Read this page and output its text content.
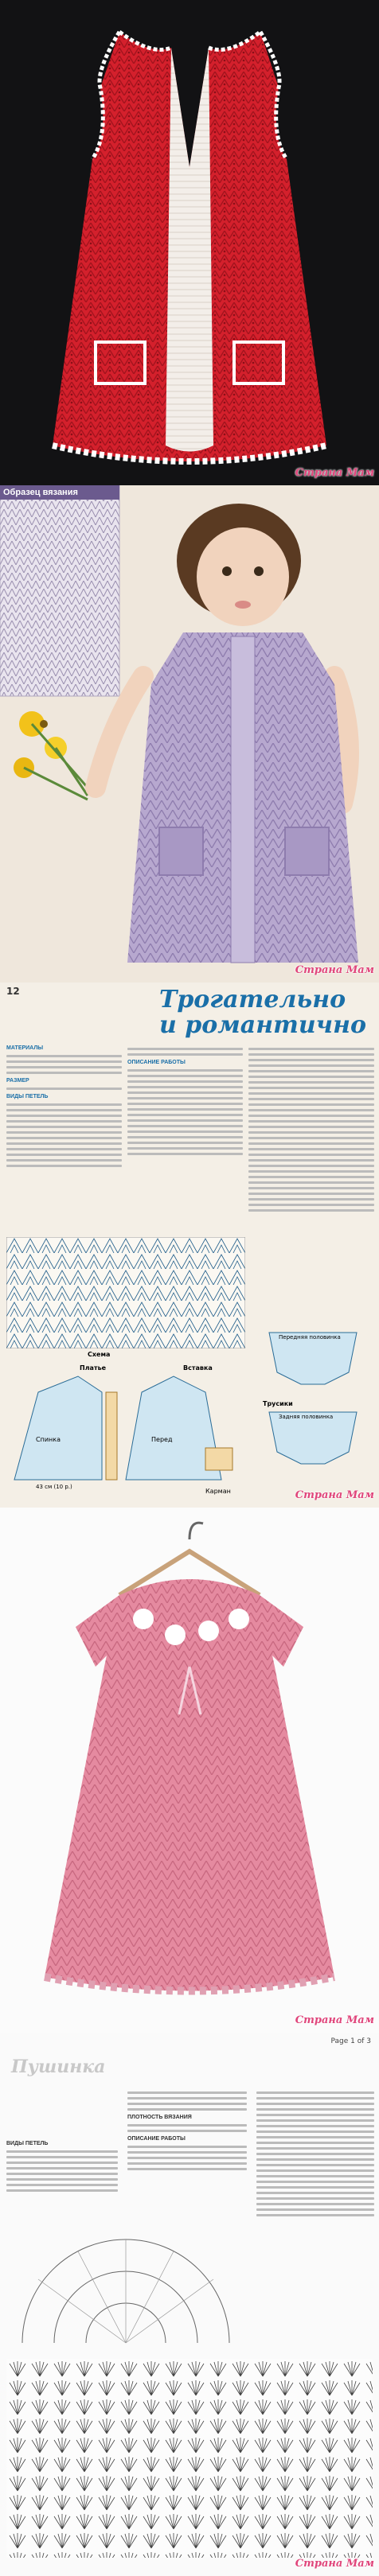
Страна Мам
Образец вязания
Страна Мам
12	Трогательно
и романтично
МАТЕРИАЛЫ
РАЗМЕР
ВИДЫ ПЕТЕЛЬ
ОПИСАНИЕ РАБОТЫ
Схема
Платье	Вставка
Спинка	Перед
Карман
43 см (10 р.)
Трусики
Передняя половинка
Задняя половинка
Страна Мам
Страна Мам
Page 1 of 3
Пушинка
ВИДЫ ПЕТЕЛЬ
ПЛОТНОСТЬ ВЯЗАНИЯ
ОПИСАНИЕ РАБОТЫ
Страна Мам
